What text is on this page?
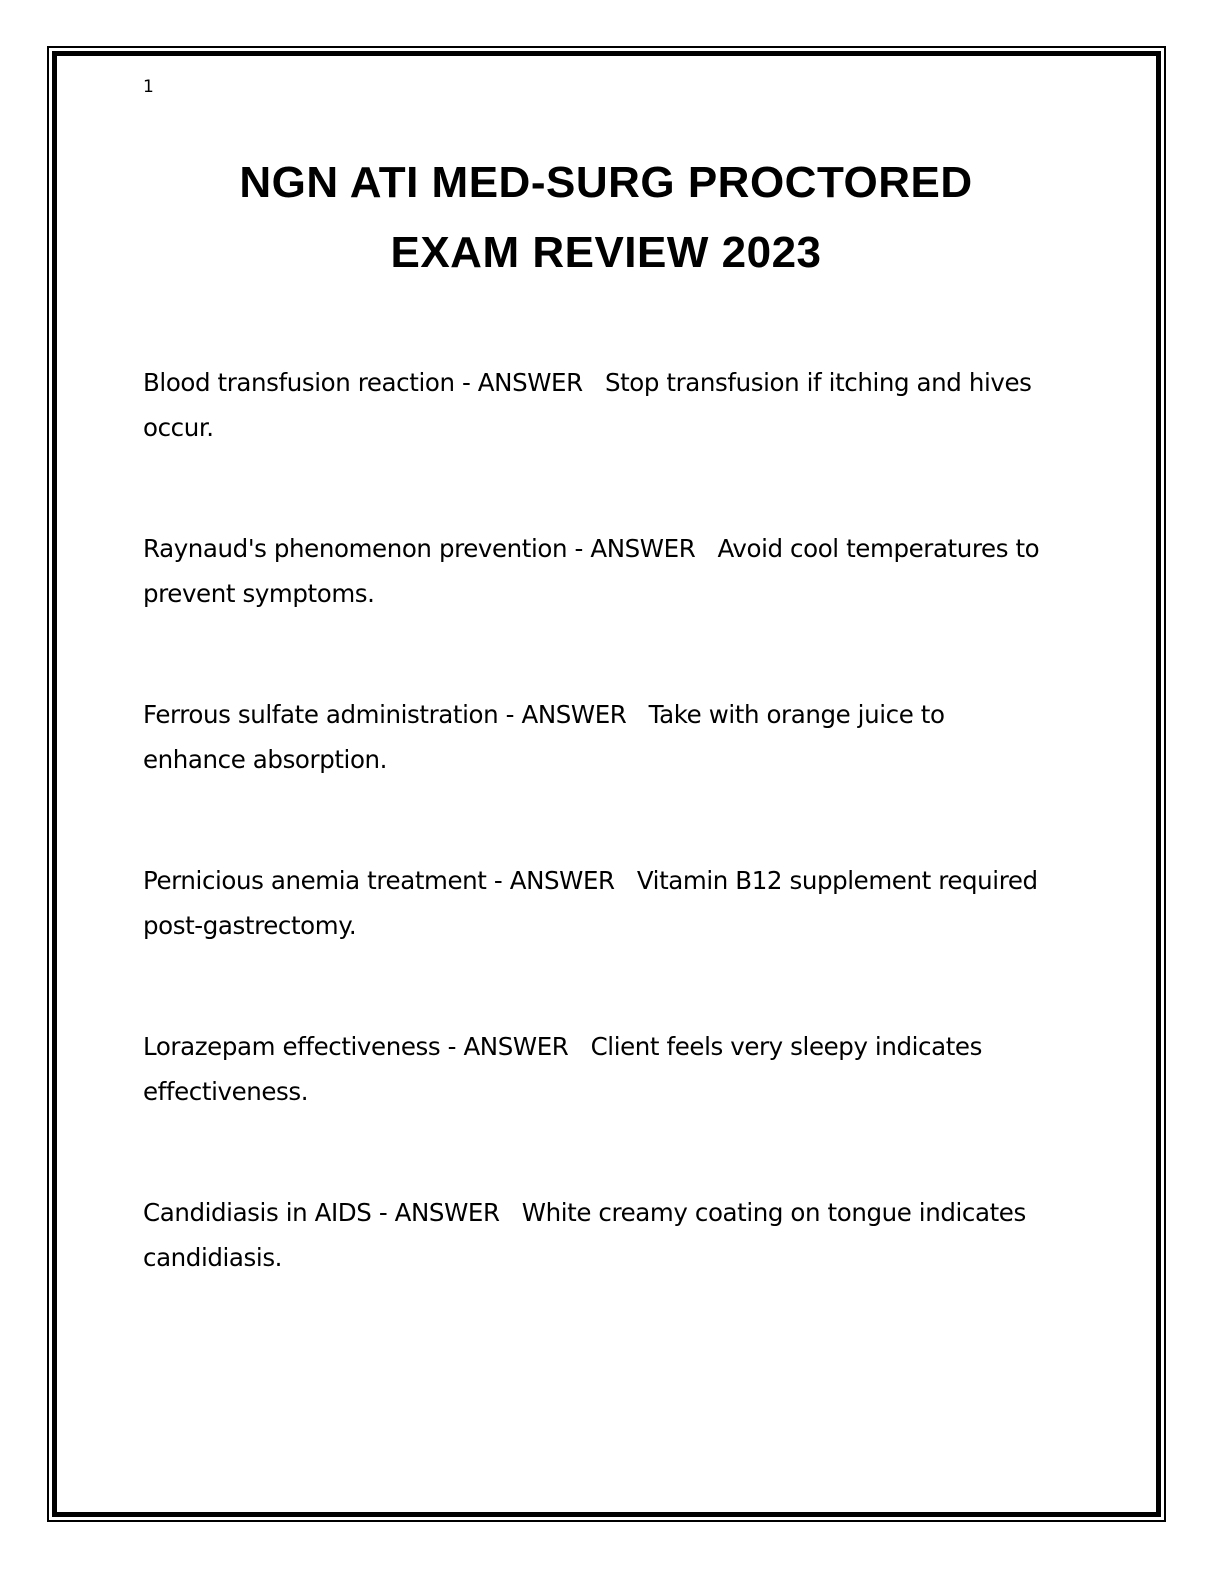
1
NGN ATI MED-SURG PROCTORED
EXAM REVIEW 2023
Blood transfusion reaction - ANSWER Stop transfusion if itching and hives occur.
Raynaud's phenomenon prevention - ANSWER Avoid cool temperatures to prevent symptoms.
Ferrous sulfate administration - ANSWER Take with orange juice to enhance absorption.
Pernicious anemia treatment - ANSWER Vitamin B12 supplement required post-gastrectomy.
Lorazepam effectiveness - ANSWER Client feels very sleepy indicates effectiveness.
Candidiasis in AIDS - ANSWER White creamy coating on tongue indicates candidiasis.
